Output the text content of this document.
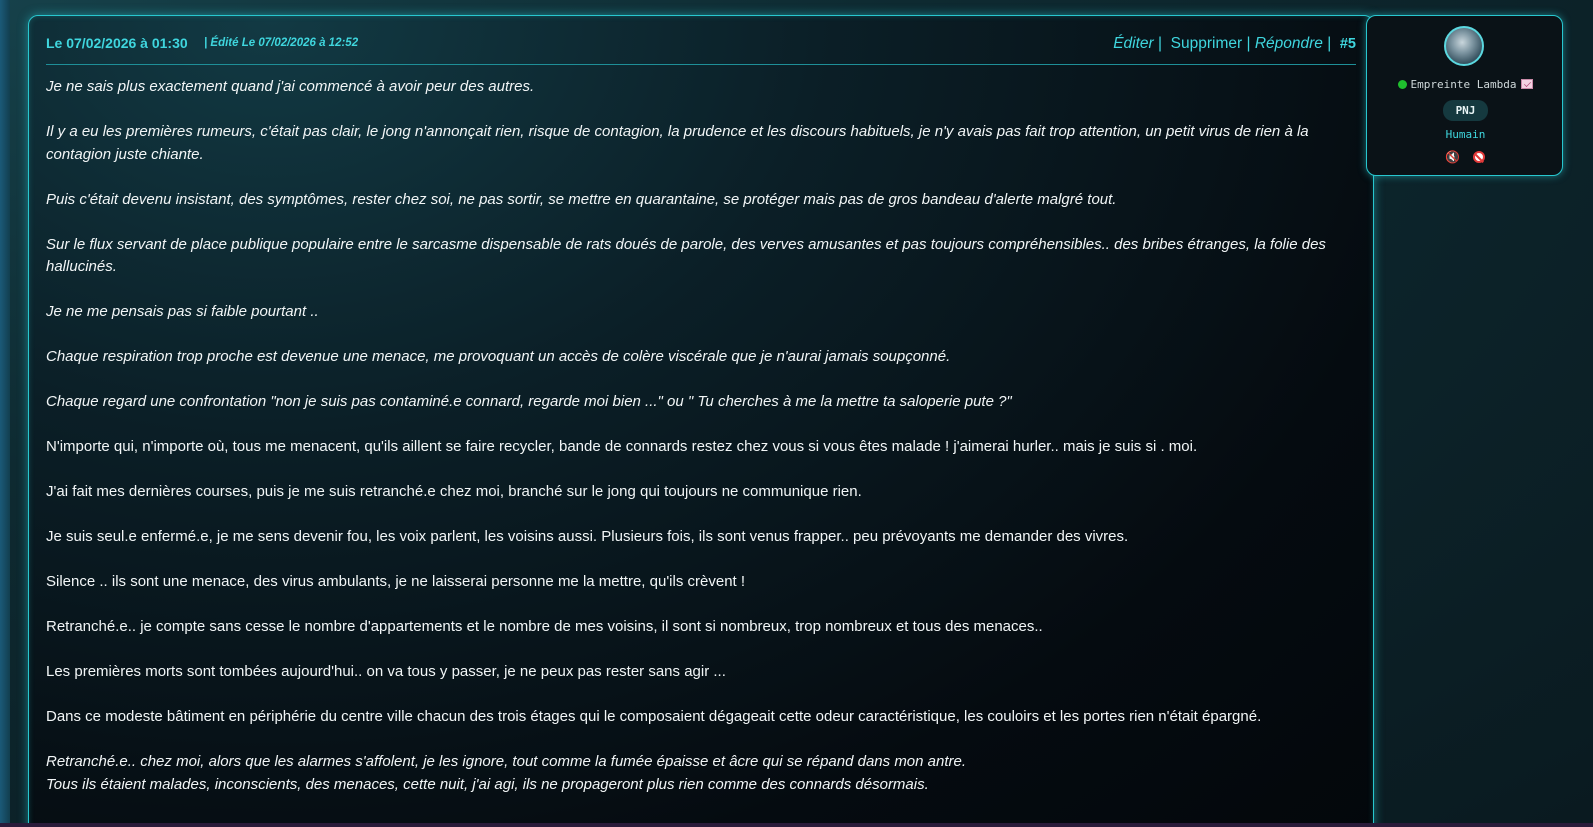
Le 07/02/2026 à 01:30 | Édité Le 07/02/2026 à 12:52	Éditer | Supprimer | Répondre | #5

Je ne sais plus exactement quand j'ai commencé à avoir peur des autres.

Il y a eu les premières rumeurs, c'était pas clair, le jong n'annonçait rien, risque de contagion, la prudence et les discours habituels, je n'y avais pas fait trop attention, un petit virus de rien à la contagion juste chiante.

Puis c'était devenu insistant, des symptômes, rester chez soi, ne pas sortir, se mettre en quarantaine, se protéger mais pas de gros bandeau d'alerte malgré tout.

Sur le flux servant de place publique populaire entre le sarcasme dispensable de rats doués de parole, des verves amusantes et pas toujours compréhensibles.. des bribes étranges, la folie des hallucinés.

Je ne me pensais pas si faible pourtant ..

Chaque respiration trop proche est devenue une menace, me provoquant un accès de colère viscérale que je n'aurai jamais soupçonné.

Chaque regard une confrontation "non je suis pas contaminé.e connard, regarde moi bien ..." ou " Tu cherches à me la mettre ta saloperie pute ?"

N'importe qui, n'importe où, tous me menacent, qu'ils aillent se faire recycler, bande de connards restez chez vous si vous êtes malade ! j'aimerai hurler.. mais je suis si . moi.

J'ai fait mes dernières courses, puis je me suis retranché.e chez moi, branché sur le jong qui toujours ne communique rien.

Je suis seul.e enfermé.e, je me sens devenir fou, les voix parlent, les voisins aussi. Plusieurs fois, ils sont venus frapper.. peu prévoyants me demander des vivres.

Silence .. ils sont une menace, des virus ambulants, je ne laisserai personne me la mettre, qu'ils crèvent !

Retranché.e.. je compte sans cesse le nombre d'appartements et le nombre de mes voisins, il sont si nombreux, trop nombreux et tous des menaces..

Les premières morts sont tombées aujourd'hui.. on va tous y passer, je ne peux pas rester sans agir ...

Dans ce modeste bâtiment en périphérie du centre ville chacun des trois étages qui le composaient dégageait cette odeur caractéristique, les couloirs et les portes rien n'était épargné.

Retranché.e.. chez moi, alors que les alarmes s'affolent, je les ignore, tout comme la fumée épaisse et âcre qui se répand dans mon antre.

Tous ils étaient malades, inconscients, des menaces, cette nuit, j'ai agi, ils ne propageront plus rien comme des connards désormais.

Empreinte Lambda
PNJ
Humain
🔇
